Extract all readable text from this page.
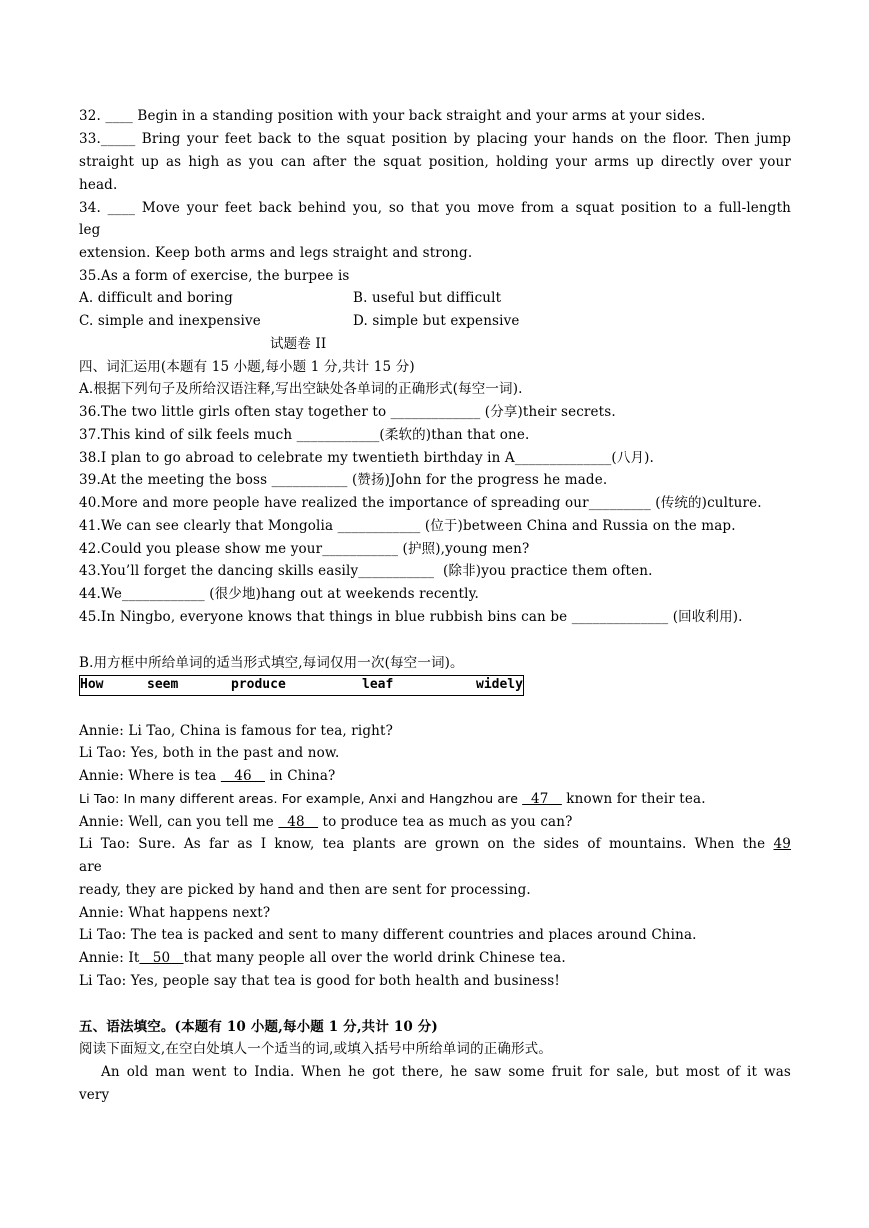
32. ____ Begin in a standing position with your back straight and your arms at your sides.
33._____ Bring your feet back to the squat position by placing your hands on the floor. Then jump
straight up as high as you can after the squat position, holding your arms up directly over your
head.
34. ____ Move your feet back behind you, so that you move from a squat position to a full-length
leg
extension. Keep both arms and legs straight and strong.
35.As a form of exercise, the burpee is
A. difficult and boring	B. useful but difficult
C. simple and inexpensive	D. simple but expensive
试题卷 II
四、词汇运用(本题有 15 小题,每小题 1 分,共计 15 分)
A.根据下列句子及所给汉语注释,写出空缺处各单词的正确形式(每空一词).
36.The two little girls often stay together to _____________ (分享)their secrets.
37.This kind of silk feels much ____________(柔软的)than that one.
38.I plan to go abroad to celebrate my twentieth birthday in A______________(八月).
39.At the meeting the boss ___________ (赞扬)John for the progress he made.
40.More and more people have realized the importance of spreading our_________ (传统的)culture.
41.We can see clearly that Mongolia ____________ (位于)between China and Russia on the map.
42.Could you please show me your___________ (护照),young men?
43.You’ll forget the dancing skills easily___________  (除非)you practice them often.
44.We____________ (很少地)hang out at weekends recently.
45.In Ningbo, everyone knows that things in blue rubbish bins can be ______________ (回收利用).
B.用方框中所给单词的适当形式填空,每词仅用一次(每空一词)。
How	seem	produce	leaf	widely
Annie: Li Tao, China is famous for tea, right?
Li Tao: Yes, both in the past and now.
Annie: Where is tea    46    in China?
Li Tao: In many different areas. For example, Anxi and Hangzhou are   47    known for their tea.
Annie: Well, can you tell me   48    to produce tea as much as you can?
Li Tao: Sure. As far as I know, tea plants are grown on the sides of mountains. When the 49
are
ready, they are picked by hand and then are sent for processing.
Annie: What happens next?
Li Tao: The tea is packed and sent to many different countries and places around China.
Annie: It   50   that many people all over the world drink Chinese tea.
Li Tao: Yes, people say that tea is good for both health and business!
五、语法填空。(本题有 10 小题,每小题 1 分,共计 10 分)
阅读下面短文,在空白处填人一个适当的词,或填入括号中所给单词的正确形式。
An old man went to India. When he got there, he saw some fruit for sale, but most of it was
very
